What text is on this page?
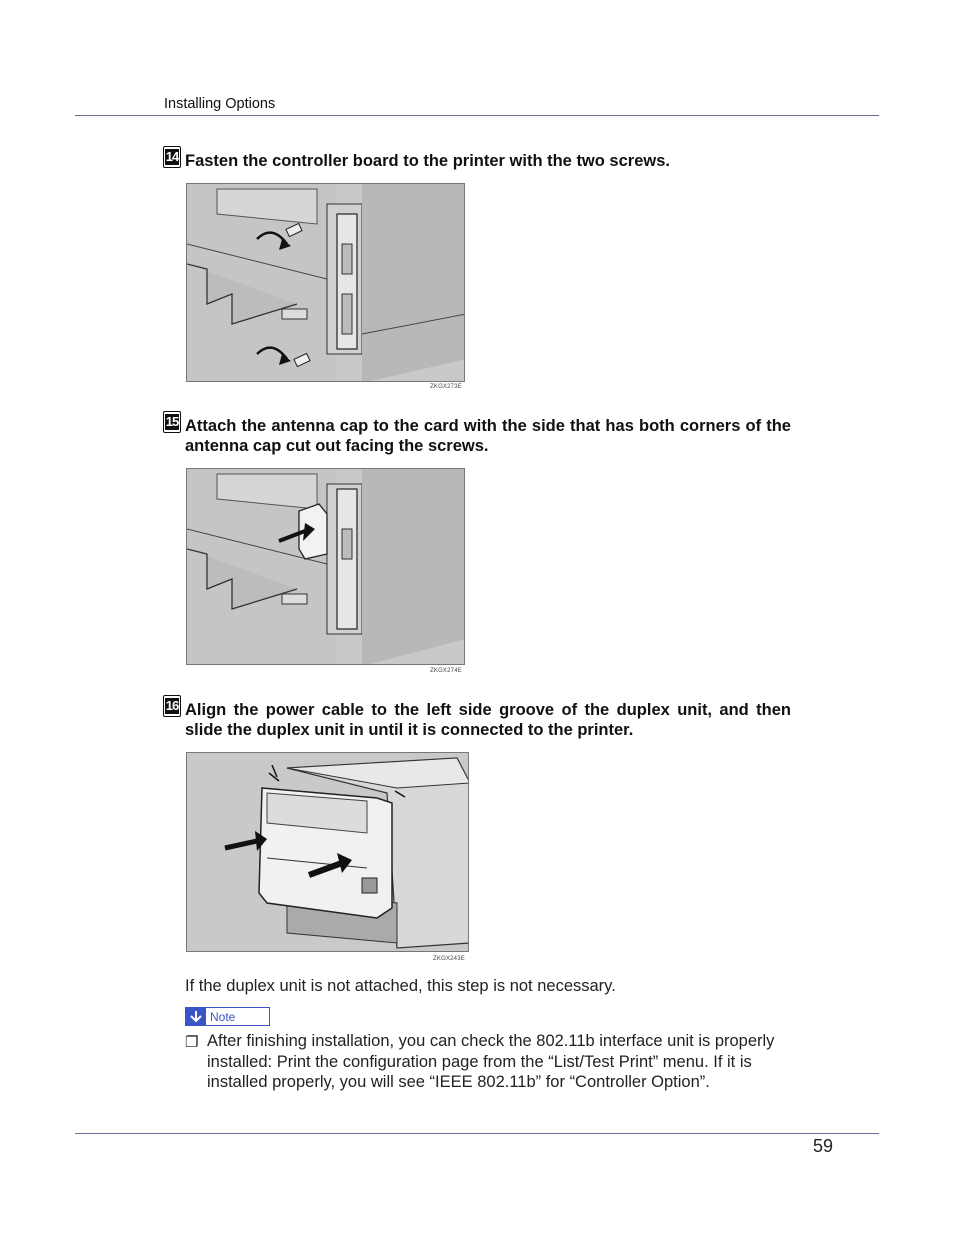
Installing Options
14 Fasten the controller board to the printer with the two screws.
ZKGX273E
15 Attach the antenna cap to the card with the side that has both corners of the antenna cap cut out facing the screws.
ZKGX274E
16 Align the power cable to the left side groove of the duplex unit, and then slide the duplex unit in until it is connected to the printer.
ZKGX243E
If the duplex unit is not attached, this step is not necessary.
Note
❐ After finishing installation, you can check the 802.11b interface unit is properly installed: Print the configuration page from the “List/Test Print” menu. If it is installed properly, you will see “IEEE 802.11b” for “Controller Option”.
59
